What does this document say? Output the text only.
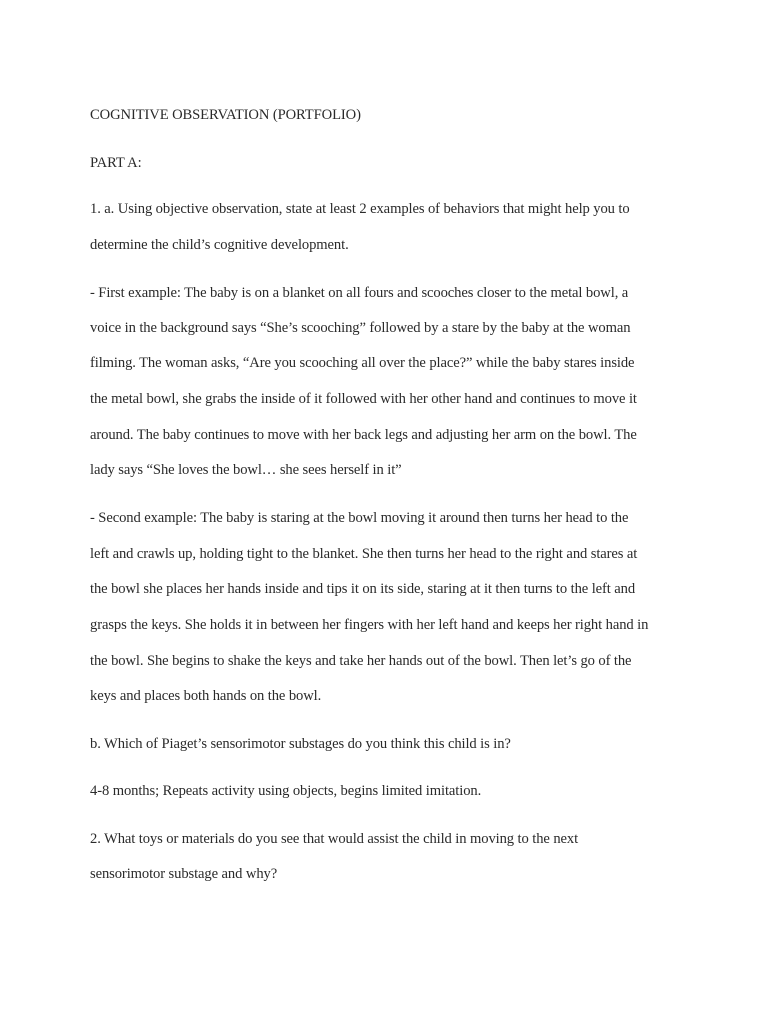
COGNITIVE OBSERVATION (PORTFOLIO)
PART A:
1. a. Using objective observation, state at least 2 examples of behaviors that might help you to
determine the child’s cognitive development.
- First example: The baby is on a blanket on all fours and scooches closer to the metal bowl, a
voice in the background says “She’s scooching” followed by a stare by the baby at the woman
filming. The woman asks, “Are you scooching all over the place?” while the baby stares inside
the metal bowl, she grabs the inside of it followed with her other hand and continues to move it
around. The baby continues to move with her back legs and adjusting her arm on the bowl. The
lady says “She loves the bowl… she sees herself in it”
- Second example: The baby is staring at the bowl moving it around then turns her head to the
left and crawls up, holding tight to the blanket. She then turns her head to the right and stares at
the bowl she places her hands inside and tips it on its side, staring at it then turns to the left and
grasps the keys. She holds it in between her fingers with her left hand and keeps her right hand in
the bowl. She begins to shake the keys and take her hands out of the bowl. Then let’s go of the
keys and places both hands on the bowl.
b. Which of Piaget’s sensorimotor substages do you think this child is in?
4-8 months; Repeats activity using objects, begins limited imitation.
2. What toys or materials do you see that would assist the child in moving to the next
sensorimotor substage and why?
